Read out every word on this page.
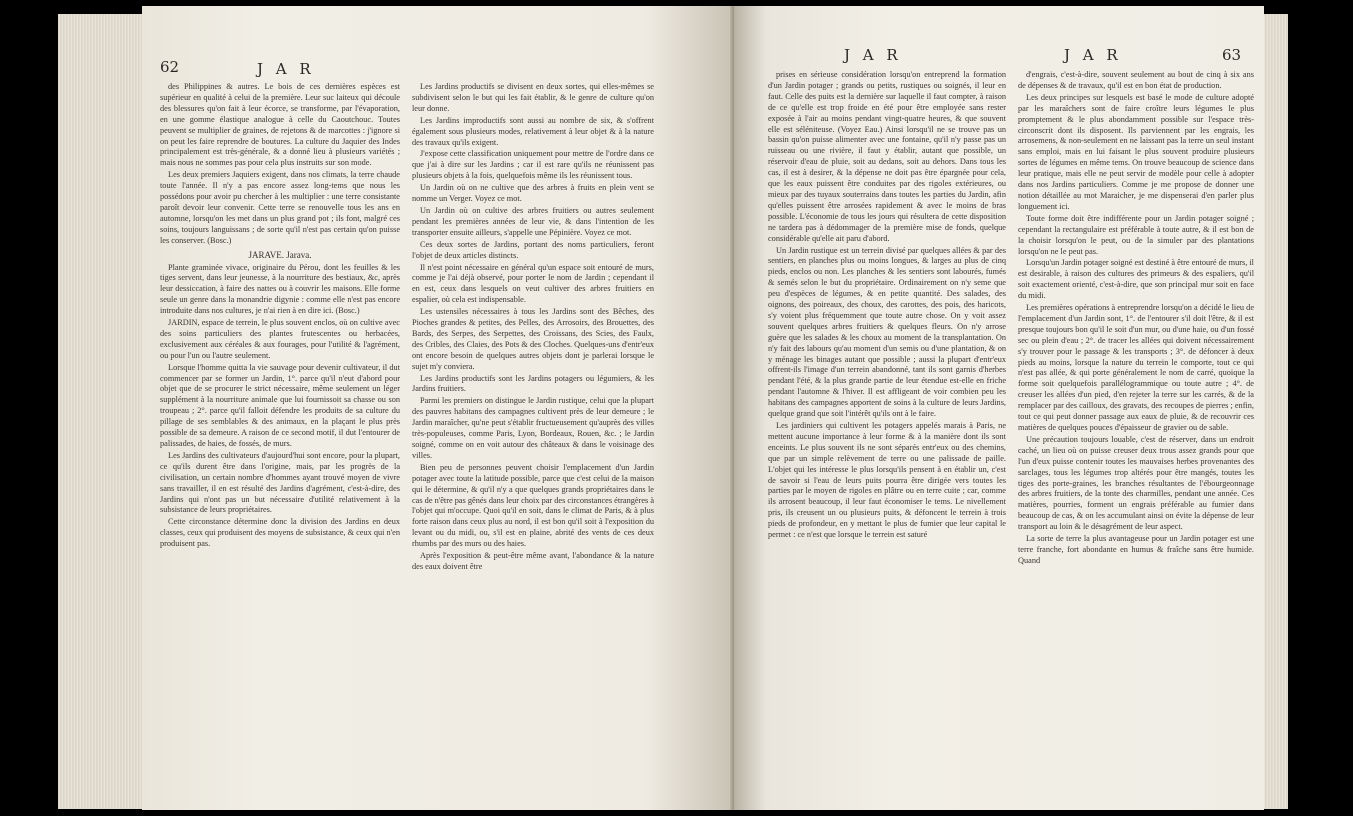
62	J A R

des Philippines & autres. Le bois de ces dernières espèces est supérieur en qualité à celui de la première. Leur suc laiteux qui découle des blessures qu'on fait à leur écorce, se transforme, par l'évaporation, en une gomme élastique analogue à celle du Caoutchouc. Toutes peuvent se multiplier de graines, de rejetons & de marcottes : j'ignore si on peut les faire reprendre de boutures. La culture du Jaquier des Indes principalement est très-générale, & a donné lieu à plusieurs variétés ; mais nous ne sommes pas pour cela plus instruits sur son mode.

Les deux premiers Jaquiers exigent, dans nos climats, la terre chaude toute l'année. Il n'y a pas encore assez long-tems que nous les possédons pour avoir pu chercher à les multiplier : une terre consistante paroît devoir leur convenir. Cette terre se renouvelle tous les ans en automne, lorsqu'on les met dans un plus grand pot ; ils font, malgré ces soins, toujours languissans ; de sorte qu'il n'est pas certain qu'on puisse les conserver. (Bosc.)

JARAVE. Jarava.

Plante graminée vivace, originaire du Pérou, dont les feuilles & les tiges servent, dans leur jeunesse, à la nourriture des bestiaux, &c, après leur dessiccation, à faire des nattes ou à couvrir les maisons. Elle forme seule un genre dans la monandrie digynie : comme elle n'est pas encore introduite dans nos cultures, je n'ai rien à en dire ici. (Bosc.)

JARDIN, espace de terrein, le plus souvent enclos, où on cultive avec des soins particuliers des plantes frutescentes ou herbacées, exclusivement aux céréales & aux fourages, pour l'utilité & l'agrément, ou pour l'un ou l'autre seulement.

Lorsque l'homme quitta la vie sauvage pour devenir cultivateur, il dut commencer par se former un Jardin, 1°. parce qu'il n'eut d'abord pour objet que de se procurer le strict nécessaire, même seulement un léger supplément à la nourriture animale que lui fournissoit sa chasse ou son troupeau ; 2°. parce qu'il falloit défendre les produits de sa culture du pillage de ses semblables & des animaux, en la plaçant le plus près possible de sa demeure. A raison de ce second motif, il dut l'entourer de palissades, de haies, de fossés, de murs.

Les Jardins des cultivateurs d'aujourd'hui sont encore, pour la plupart, ce qu'ils durent être dans l'origine, mais, par les progrès de la civilisation, un certain nombre d'hommes ayant trouvé moyen de vivre sans travailler, il en est résulté des Jardins d'agrément, c'est-à-dire, des Jardins qui n'ont pas un but nécessaire d'utilité relativement à la subsistance de leurs propriétaires.

Cette circonstance détermine donc la division des Jardins en deux classes, ceux qui produisent des moyens de subsistance, & ceux qui n'en produisent pas.

Les Jardins productifs se divisent en deux sortes, qui elles-mêmes se subdivisent selon le but qui les fait établir, & le genre de culture qu'on leur donne.

Les Jardins improductifs sont aussi au nombre de six, & s'offrent également sous plusieurs modes, relativement à leur objet & à la nature des travaux qu'ils exigent.

J'expose cette classification uniquement pour mettre de l'ordre dans ce que j'ai à dire sur les Jardins ; car il est rare qu'ils ne réunissent pas plusieurs objets à la fois, quelquefois même ils les réunissent tous.

Un Jardin où on ne cultive que des arbres à fruits en plein vent se nomme un Verger. Voyez ce mot.

Un Jardin où on cultive des arbres fruitiers ou autres seulement pendant les premières années de leur vie, & dans l'intention de les transporter ensuite ailleurs, s'appelle une Pépinière. Voyez ce mot.

Ces deux sortes de Jardins, portant des noms particuliers, feront l'objet de deux articles distincts.

Il n'est point nécessaire en général qu'un espace soit entouré de murs, comme je l'ai déjà observé, pour porter le nom de Jardin ; cependant il en est, ceux dans lesquels on veut cultiver des arbres fruitiers en espalier, où cela est indispensable.

Les ustensiles nécessaires à tous les Jardins sont des Bêches, des Pioches grandes & petites, des Pelles, des Arrosoirs, des Brouettes, des Bards, des Serpes, des Serpettes, des Croissans, des Scies, des Faulx, des Cribles, des Claies, des Pots & des Cloches. Quelques-uns d'entr'eux ont encore besoin de quelques autres objets dont je parlerai lorsque le sujet m'y conviera.

Les Jardins productifs sont les Jardins potagers ou légumiers, & les Jardins fruitiers.

Parmi les premiers on distingue le Jardin rustique, celui que la plupart des pauvres habitans des campagnes cultivent près de leur demeure ; le Jardin maraîcher, qu'ne peut s'établir fructueusement qu'auprès des villes très-populeuses, comme Paris, Lyon, Bordeaux, Rouen, &c. ; le Jardin soigné, comme on en voit autour des châteaux & dans le voisinage des villes.

Bien peu de personnes peuvent choisir l'emplacement d'un Jardin potager avec toute la latitude possible, parce que c'est celui de la maison qui le détermine, & qu'il n'y a que quelques grands propriétaires dans le cas de n'être pas gênés dans leur choix par des circonstances étrangères à l'objet qui m'occupe. Quoi qu'il en soit, dans le climat de Paris, & à plus forte raison dans ceux plus au nord, il est bon qu'il soit à l'exposition du levant ou du midi, ou, s'il est en plaine, abrité des vents de ces deux rhumbs par des murs ou des haies.

Après l'exposition & peut-être même avant, l'abondance & la nature des eaux doivent être

J A R	J A R	63

prises en sérieuse considération lorsqu'on entreprend la formation d'un Jardin potager ; grands ou petits, rustiques ou soignés, il leur en faut. Celle des puits est la dernière sur laquelle il faut compter, à raison de ce qu'elle est trop froide en été pour être employée sans rester exposée à l'air au moins pendant vingt-quatre heures, & que souvent elle est séléniteuse. (Voyez Eau.) Ainsi lorsqu'il ne se trouve pas un bassin qu'on puisse alimenter avec une fontaine, qu'il n'y passe pas un ruisseau ou une rivière, il faut y établir, autant que possible, un réservoir d'eau de pluie, soit au dedans, soit au dehors. Dans tous les cas, il est à desirer, & la dépense ne doit pas être épargnée pour cela, que les eaux puissent être conduites par des rigoles extérieures, ou mieux par des tuyaux souterrains dans toutes les parties du Jardin, afin qu'elles puissent être arrosées rapidement & avec le moins de bras possible. L'économie de tous les jours qui résultera de cette disposition ne tardera pas à dédommager de la première mise de fonds, quelque considérable qu'elle ait paru d'abord.

Un Jardin rustique est un terrein divisé par quelques allées & par des sentiers, en planches plus ou moins longues, & larges au plus de cinq pieds, enclos ou non. Les planches & les sentiers sont labourés, fumés & semés selon le but du propriétaire. Ordinairement on n'y seme que peu d'espèces de légumes, & en petite quantité. Des salades, des oignons, des poireaux, des choux, des carottes, des pois, des haricots, s'y voient plus fréquemment que toute autre chose. On y voit assez souvent quelques arbres fruitiers & quelques fleurs. On n'y arrose guère que les salades & les choux au moment de la transplantation. On n'y fait des labours qu'au moment d'un semis ou d'une plantation, & on y ménage les binages autant que possible ; aussi la plupart d'entr'eux offrent-ils l'image d'un terrein abandonné, tant ils sont garnis d'herbes pendant l'été, & la plus grande partie de leur étendue est-elle en friche pendant l'automne & l'hiver. Il est affligeant de voir combien peu les habitans des campagnes apportent de soins à la culture de leurs Jardins, quelque grand que soit l'intérêt qu'ils ont à le faire.

Les jardiniers qui cultivent les potagers appelés marais à Paris, ne mettent aucune importance à leur forme & à la manière dont ils sont enceints. Le plus souvent ils ne sont séparés entr'eux ou des chemins, que par un simple relèvement de terre ou une palissade de paille. L'objet qui les intéresse le plus lorsqu'ils pensent à en établir un, c'est de savoir si l'eau de leurs puits pourra être dirigée vers toutes les parties par le moyen de rigoles en plâtre ou en terre cuite ; car, comme ils arrosent beaucoup, il leur faut économiser le tems. Le nivellement pris, ils creusent un ou plusieurs puits, & défoncent le terrein à trois pieds de profondeur, en y mettant le plus de fumier que leur capital le permet : ce n'est que lorsque le terrein est saturé

d'engrais, c'est-à-dire, souvent seulement au bout de cinq à six ans de dépenses & de travaux, qu'il est en bon état de production.

Les deux principes sur lesquels est basé le mode de culture adopté par les maraîchers sont de faire croître leurs légumes le plus promptement & le plus abondamment possible sur l'espace très-circonscrit dont ils disposent. Ils parviennent par les engrais, les arrosemens, & non-seulement en ne laissant pas la terre un seul instant sans emploi, mais en lui faisant le plus souvent produire plusieurs sortes de légumes en même tems. On trouve beaucoup de science dans leur pratique, mais elle ne peut servir de modèle pour celle à adopter dans nos Jardins particuliers. Comme je me propose de donner une notion détaillée au mot Maraicher, je me dispenserai d'en parler plus longuement ici.

Toute forme doit être indifférente pour un Jardin potager soigné ; cependant la rectangulaire est préférable à toute autre, & il est bon de la choisir lorsqu'on le peut, ou de la simuler par des plantations lorsqu'on ne le peut pas.

Lorsqu'un Jardin potager soigné est destiné à être entouré de murs, il est desirable, à raison des cultures des primeurs & des espaliers, qu'il soit exactement orienté, c'est-à-dire, que son principal mur soit en face du midi.

Les premières opérations à entreprendre lorsqu'on a décidé le lieu de l'emplacement d'un Jardin sont, 1°. de l'entourer s'il doit l'être, & il est presque toujours bon qu'il le soit d'un mur, ou d'une haie, ou d'un fossé sec ou plein d'eau ; 2°. de tracer les allées qui doivent nécessairement s'y trouver pour le passage & les transports ; 3°. de défoncer à deux pieds au moins, lorsque la nature du terrein le comporte, tout ce qui n'est pas allée, & qui porte généralement le nom de carré, quoique la forme soit quelquefois parallélogrammique ou toute autre ; 4°. de creuser les allées d'un pied, d'en rejeter la terre sur les carrés, & de la remplacer par des cailloux, des gravats, des recoupes de pierres ; enfin, tout ce qui peut donner passage aux eaux de pluie, & de recouvrir ces matières de quelques pouces d'épaisseur de gravier ou de sable.

Une précaution toujours louable, c'est de réserver, dans un endroit caché, un lieu où on puisse creuser deux trous assez grands pour que l'un d'eux puisse contenir toutes les mauvaises herbes provenantes des sarclages, tous les légumes trop altérés pour être mangés, toutes les tiges des porte-graines, les branches résultantes de l'ébourgeonnage des arbres fruitiers, de la tonte des charmilles, pendant une année. Ces matières, pourries, forment un engrais préférable au fumier dans beaucoup de cas, & on les accumulant ainsi on évite la dépense de leur transport au loin & le désagrément de leur aspect.

La sorte de terre la plus avantageuse pour un Jardin potager est une terre franche, fort abondante en humus & fraîche sans être humide. Quand
